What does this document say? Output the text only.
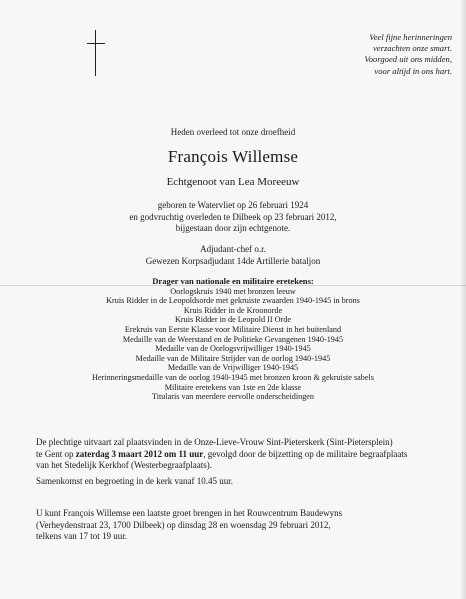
Veel fijne herinneringen
verzachten onze smart.
Voorgoed uit ons midden,
voor altijd in ons hart.
Heden overleed tot onze droefheid
François Willemse
Echtgenoot van Lea Moreeuw
geboren te Watervliet op 26 februari 1924
en godvruchtig overleden te Dilbeek op 23 februari 2012,
bijgestaan door zijn echtgenote.
Adjudant-chef o.r.
Gewezen Korpsadjudant 14de Artillerie bataljon
Drager van nationale en militaire eretekens:
Oorlogskruis 1940 met bronzen leeuw
Kruis Ridder in de Leopoldsorde met gekruiste zwaarden 1940-1945 in brons
Kruis Ridder in de Kroonorde
Kruis Ridder in de Leopold II Orde
Erekruis van Eerste Klasse voor Militaire Dienst in het buitenland
Medaille van de Weerstand en de Politieke Gevangenen 1940-1945
Medaille van de Oorlogsvrijwilliger 1940-1945
Medaille van de Militaire Strijder van de oorlog 1940-1945
Medaille van de Vrijwilliger 1940-1945
Herinneringsmedaille van de oorlog 1940-1945 met bronzen kroon & gekruiste sabels
Militaire eretekens van 1ste en 2de klasse
Titularis van meerdere eervolle onderscheidingen
De plechtige uitvaart zal plaatsvinden in de Onze-Lieve-Vrouw Sint-Pieterskerk (Sint-Pietersplein)
te Gent op zaterdag 3 maart 2012 om 11 uur, gevolgd door de bijzetting op de militaire begraafplaats
van het Stedelijk Kerkhof (Westerbegraafplaats).
Samenkomst en begroeting in de kerk vanaf 10.45 uur.
U kunt François Willemse een laatste groet brengen in het Rouwcentrum Baudewyns
(Verheydenstraat 23, 1700 Dilbeek) op dinsdag 28 en woensdag 29 februari 2012,
telkens van 17 tot 19 uur.
